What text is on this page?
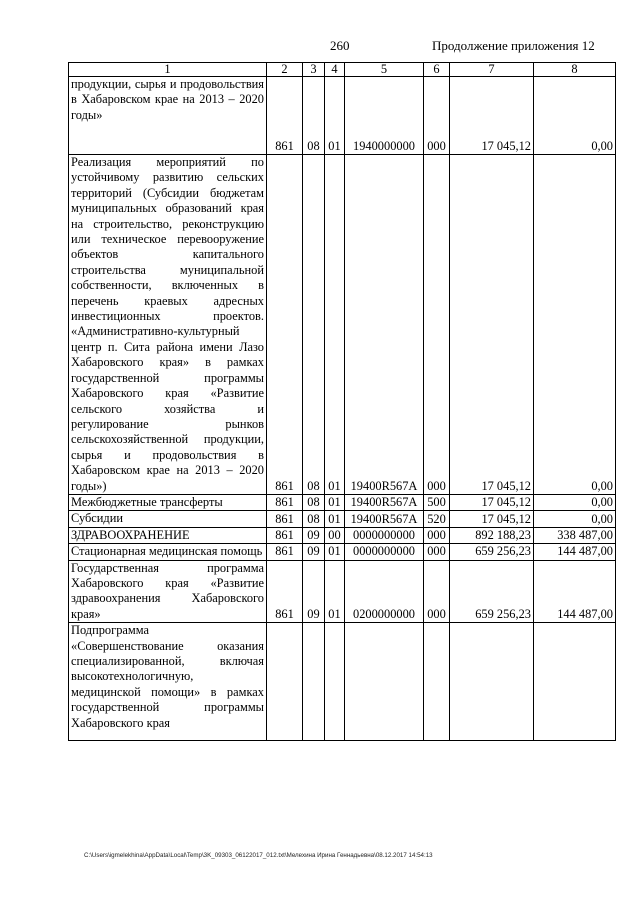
260	Продолжение приложения 12
1	2	3	4	5	6	7	8
продукции, сырья и продовольствия в Хабаровском крае на 2013 – 2020 годы»	861	08	01	1940000000	000	17 045,12	0,00
Реализация мероприятий по устойчивому развитию сельских территорий (Субсидии бюджетам муниципальных образований края на строительство, реконструкцию или техническое перевооружение объектов капитального строительства муниципальной собственности, включенных в перечень краевых адресных инвестиционных проектов. «Административно-культурный центр п. Сита района имени Лазо Хабаровского края» в рамках государственной программы Хабаровского края «Развитие сельского хозяйства и регулирование рынков сельскохозяйственной продукции, сырья и продовольствия в Хабаровском крае на 2013 – 2020 годы»)	861	08	01	19400R567A	000	17 045,12	0,00
Межбюджетные трансферты	861	08	01	19400R567A	500	17 045,12	0,00
Субсидии	861	08	01	19400R567A	520	17 045,12	0,00
ЗДРАВООХРАНЕНИЕ	861	09	00	0000000000	000	892 188,23	338 487,00
Стационарная медицинская помощь	861	09	01	0000000000	000	659 256,23	144 487,00
Государственная программа Хабаровского края «Развитие здравоохранения Хабаровского края»	861	09	01	0200000000	000	659 256,23	144 487,00
Подпрограмма «Совершенствование оказания специализированной, включая высокотехнологичную, медицинской помощи» в рамках государственной программы Хабаровского края							
C:\Users\igmelekhina\AppData\Local\Temp\3K_09303_06122017_012.txt\Мелехина Ирина Геннадьевна\08.12.2017 14:54:13
